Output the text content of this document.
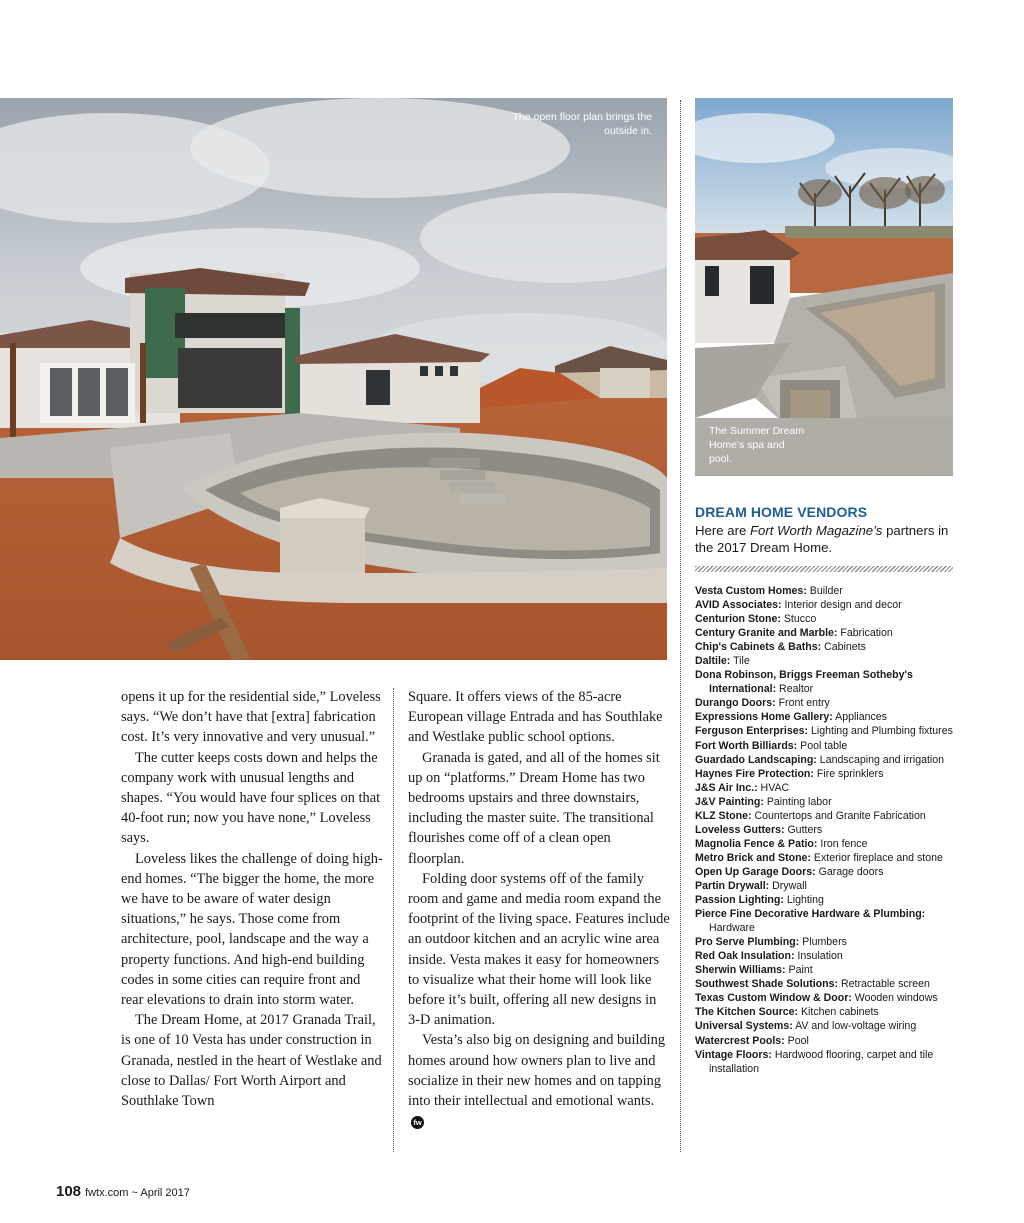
The open floor plan brings the outside in.
The Summer Dream Home's spa and pool.

opens it up for the residential side,” Loveless says. “We don’t have that [extra] fabrication cost. It’s very innovative and very unusual.”

The cutter keeps costs down and helps the company work with unusual lengths and shapes. “You would have four splices on that 40-foot run; now you have none,” Loveless says.

Loveless likes the challenge of doing high-end homes. “The bigger the home, the more we have to be aware of water design situations,” he says. Those come from architecture, pool, landscape and the way a property functions. And high-end building codes in some cities can require front and rear elevations to drain into storm water.

The Dream Home, at 2017 Granada Trail, is one of 10 Vesta has under construction in Granada, nestled in the heart of Westlake and close to Dallas/ Fort Worth Airport and Southlake Town

Square. It offers views of the 85-acre European village Entrada and has Southlake and Westlake public school options.

Granada is gated, and all of the homes sit up on “platforms.” Dream Home has two bedrooms upstairs and three downstairs, including the master suite. The transitional flourishes come off of a clean open floorplan.

Folding door systems off of the family room and game and media room expand the footprint of the living space. Features include an outdoor kitchen and an acrylic wine area inside. Vesta makes it easy for homeowners to visualize what their home will look like before it’s built, offering all new designs in 3-D animation.

Vesta’s also big on designing and building homes around how owners plan to live and socialize in their new homes and on tapping into their intellectual and emotional wants.fw

DREAM HOME VENDORS
Here are Fort Worth Magazine’s partners in the 2017 Dream Home.
Vesta Custom Homes: Builder
AVID Associates: Interior design and decor
Centurion Stone: Stucco
Century Granite and Marble: Fabrication
Chip's Cabinets & Baths: Cabinets
Daltile: Tile
Dona Robinson, Briggs Freeman Sotheby's International: Realtor
Durango Doors: Front entry
Expressions Home Gallery: Appliances
Ferguson Enterprises: Lighting and Plumbing fixtures
Fort Worth Billiards: Pool table
Guardado Landscaping: Landscaping and irrigation
Haynes Fire Protection: Fire sprinklers
J&S Air Inc.: HVAC
J&V Painting: Painting labor
KLZ Stone: Countertops and Granite Fabrication
Loveless Gutters: Gutters
Magnolia Fence & Patio: Iron fence
Metro Brick and Stone: Exterior fireplace and stone
Open Up Garage Doors: Garage doors
Partin Drywall: Drywall
Passion Lighting: Lighting
Pierce Fine Decorative Hardware & Plumbing: Hardware
Pro Serve Plumbing: Plumbers
Red Oak Insulation: Insulation
Sherwin Williams: Paint
Southwest Shade Solutions: Retractable screen
Texas Custom Window & Door: Wooden windows
The Kitchen Source: Kitchen cabinets
Universal Systems: AV and low-voltage wiring
Watercrest Pools: Pool
Vintage Floors: Hardwood flooring, carpet and tile installation
108 fwtx.com ~ April 2017
